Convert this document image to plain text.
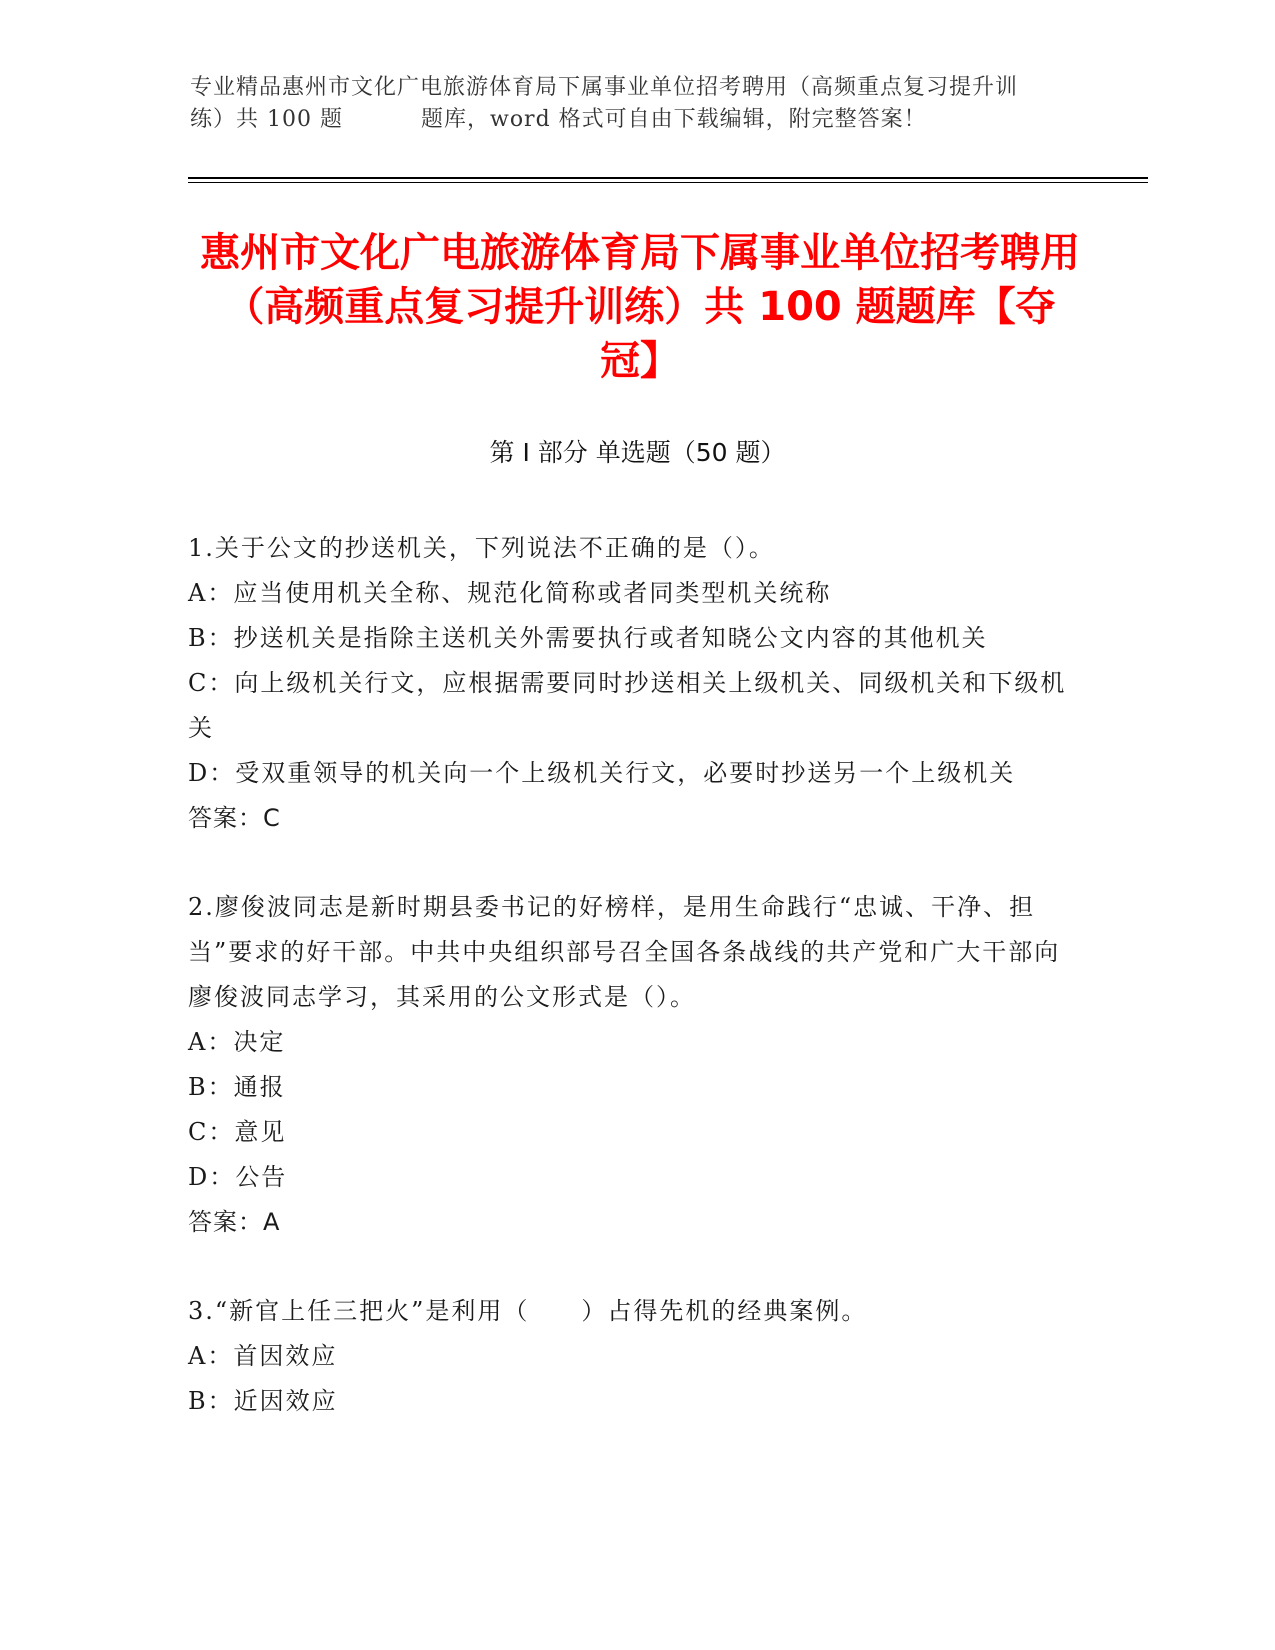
专业精品惠州市文化广电旅游体育局下属事业单位招考聘用（高频重点复习提升训
练）共 100 题	题库，word 格式可自由下载编辑，附完整答案！
惠州市文化广电旅游体育局下属事业单位招考聘用（高频重点复习提升训练）共 100 题题库【夺冠】
第 I 部分 单选题（50 题）
1.关于公文的抄送机关，下列说法不正确的是（）。
A：应当使用机关全称、规范化简称或者同类型机关统称
B：抄送机关是指除主送机关外需要执行或者知晓公文内容的其他机关
C：向上级机关行文，应根据需要同时抄送相关上级机关、同级机关和下级机关
D：受双重领导的机关向一个上级机关行文，必要时抄送另一个上级机关
答案：C
2.廖俊波同志是新时期县委书记的好榜样，是用生命践行“忠诚、干净、担当”要求的好干部。中共中央组织部号召全国各条战线的共产党和广大干部向廖俊波同志学习，其采用的公文形式是（）。
A：决定
B：通报
C：意见
D：公告
答案：A
3.“新官上任三把火”是利用（　　）占得先机的经典案例。
A：首因效应
B：近因效应
